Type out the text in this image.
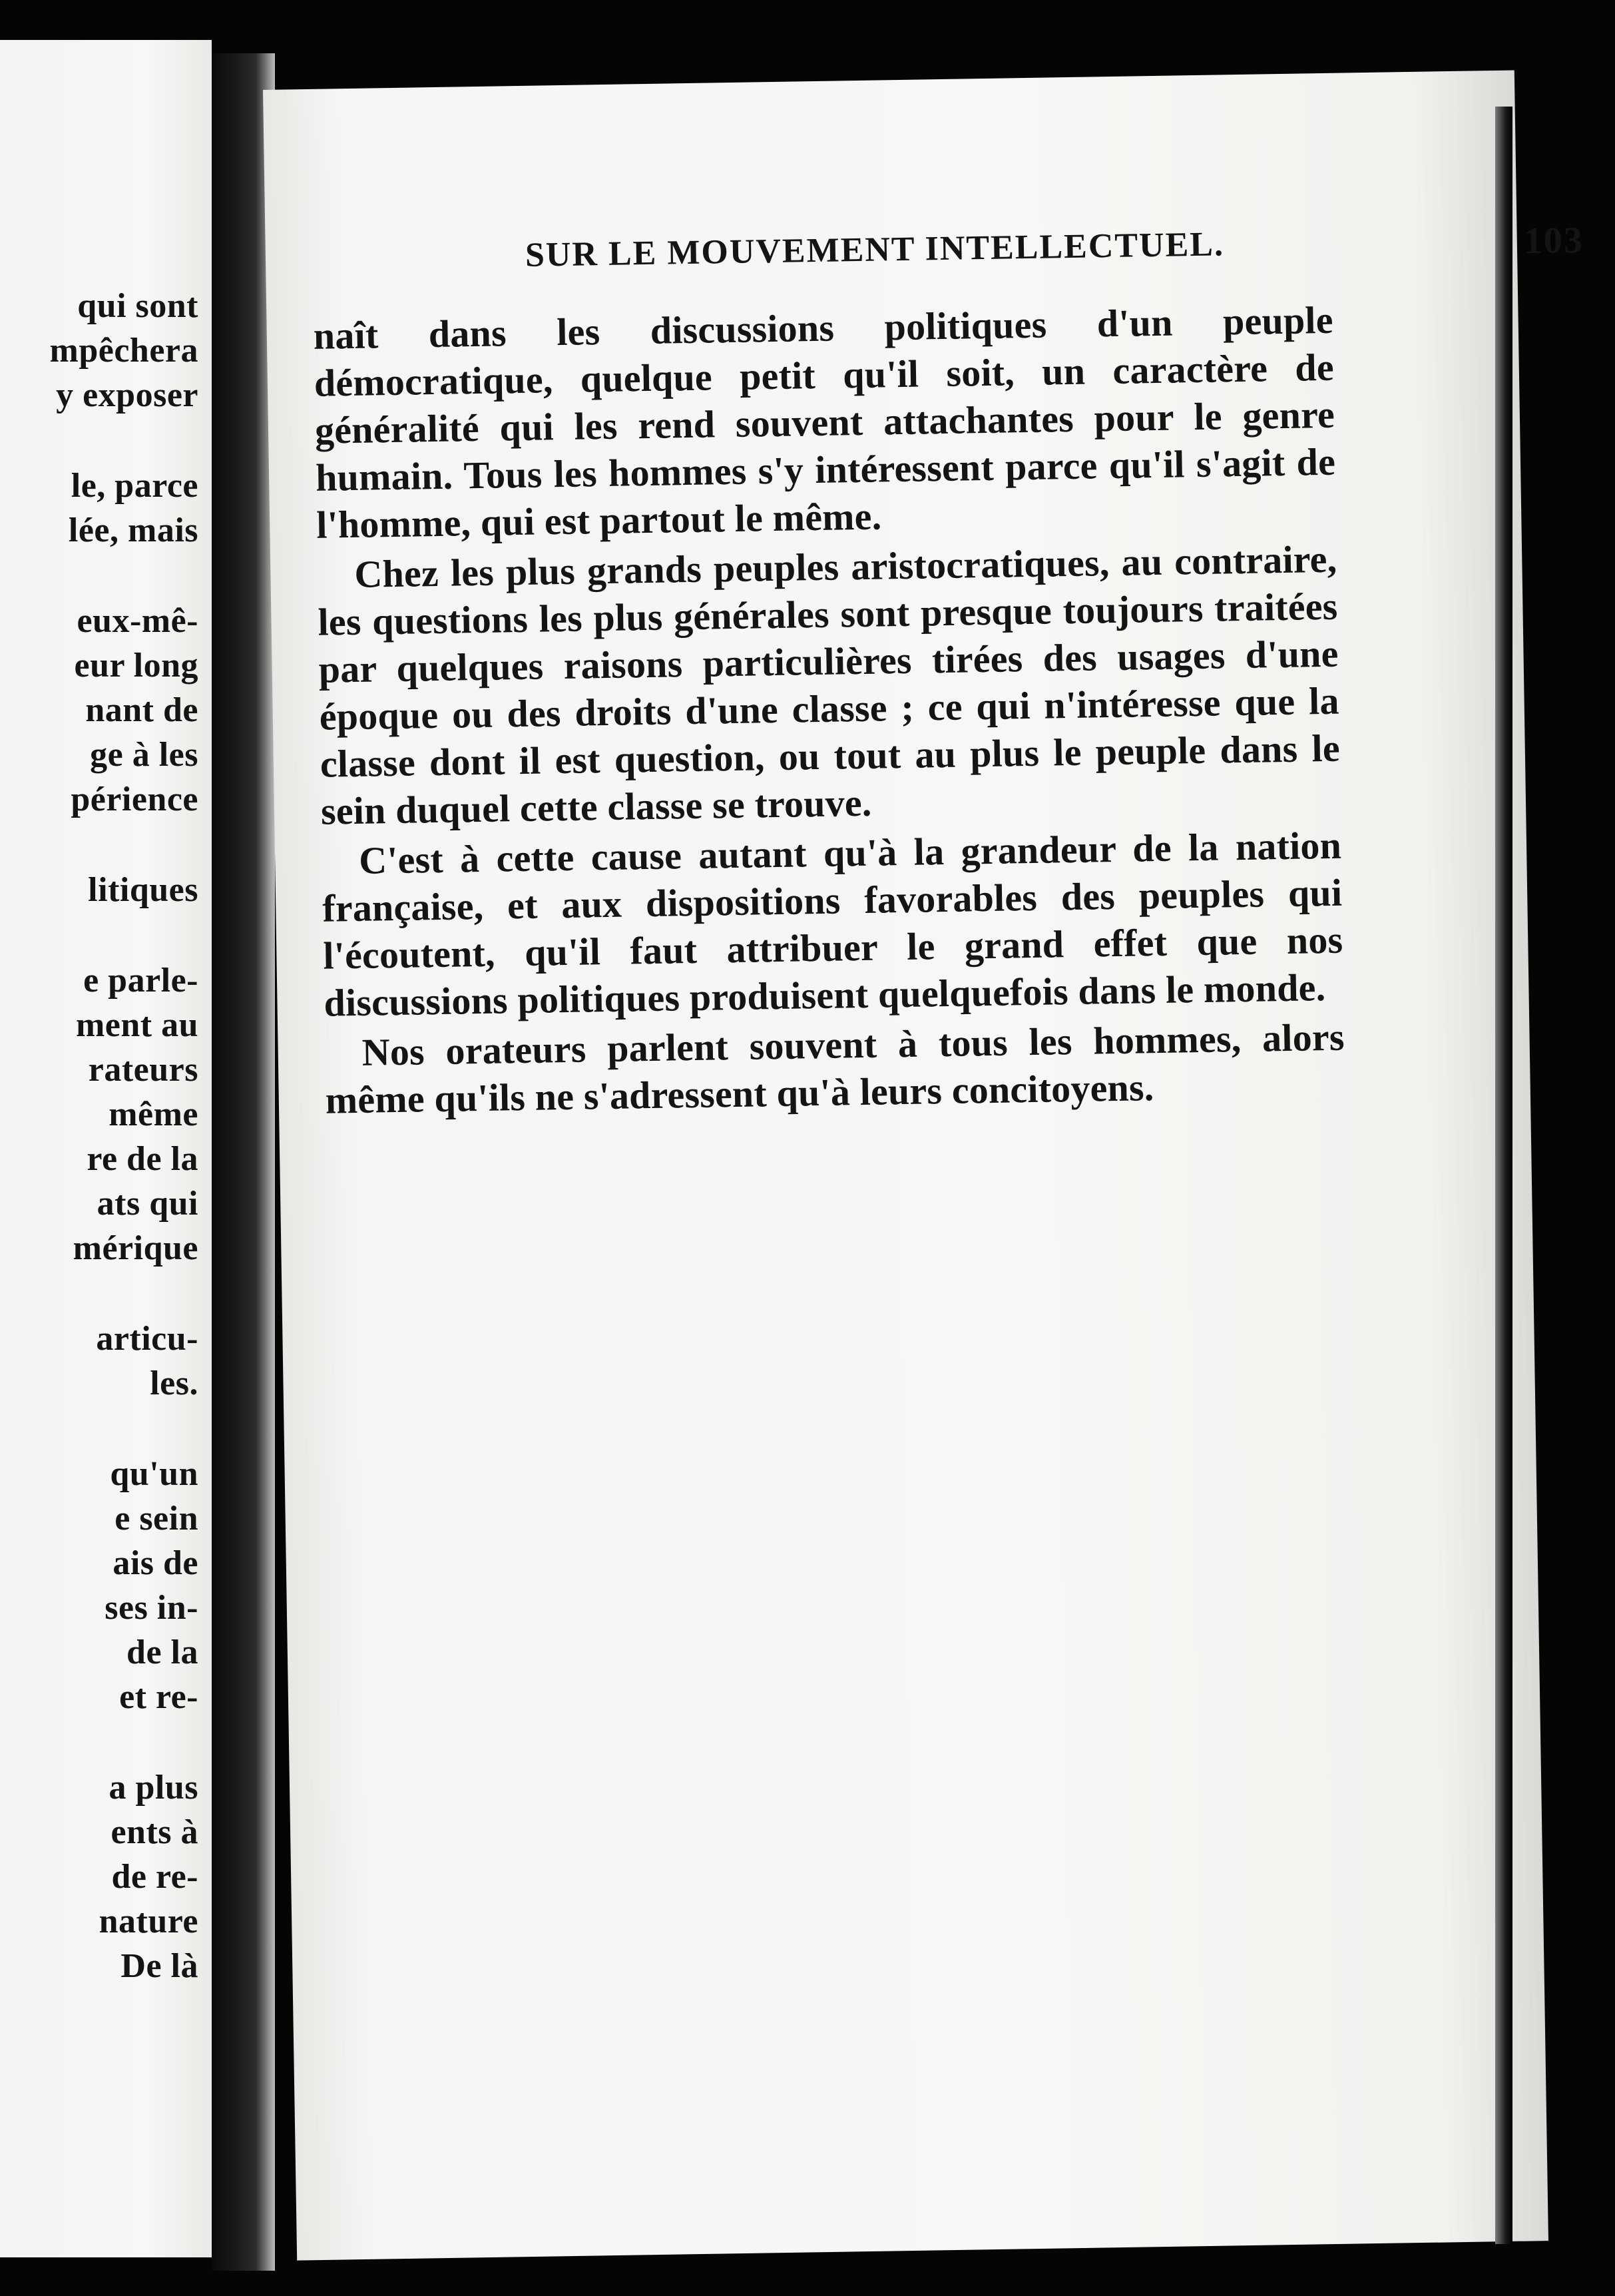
qui sont
mpêchera
y exposer
le, parce
lée, mais
eux-mê-
eur long
nant de
ge à les
périence
litiques
e parle-
ment au
rateurs
même
re de la
ats qui
mérique
articu-
les.
qu'un
e sein
ais de
ses in-
de la
et re-
a plus
ents à
de re-
nature
De là
SUR LE MOUVEMENT INTELLECTUEL.	103

naît dans les discussions politiques d'un peuple démocratique, quelque petit qu'il soit, un caractère de généralité qui les rend souvent attachantes pour le genre humain. Tous les hommes s'y intéressent parce qu'il s'agit de l'homme, qui est partout le même.

Chez les plus grands peuples aristocratiques, au contraire, les questions les plus générales sont presque toujours traitées par quelques raisons particulières tirées des usages d'une époque ou des droits d'une classe ; ce qui n'intéresse que la classe dont il est question, ou tout au plus le peuple dans le sein duquel cette classe se trouve.

C'est à cette cause autant qu'à la grandeur de la nation française, et aux dispositions favorables des peuples qui l'écoutent, qu'il faut attribuer le grand effet que nos discussions politiques produisent quelquefois dans le monde.

Nos orateurs parlent souvent à tous les hommes, alors même qu'ils ne s'adressent qu'à leurs concitoyens.
